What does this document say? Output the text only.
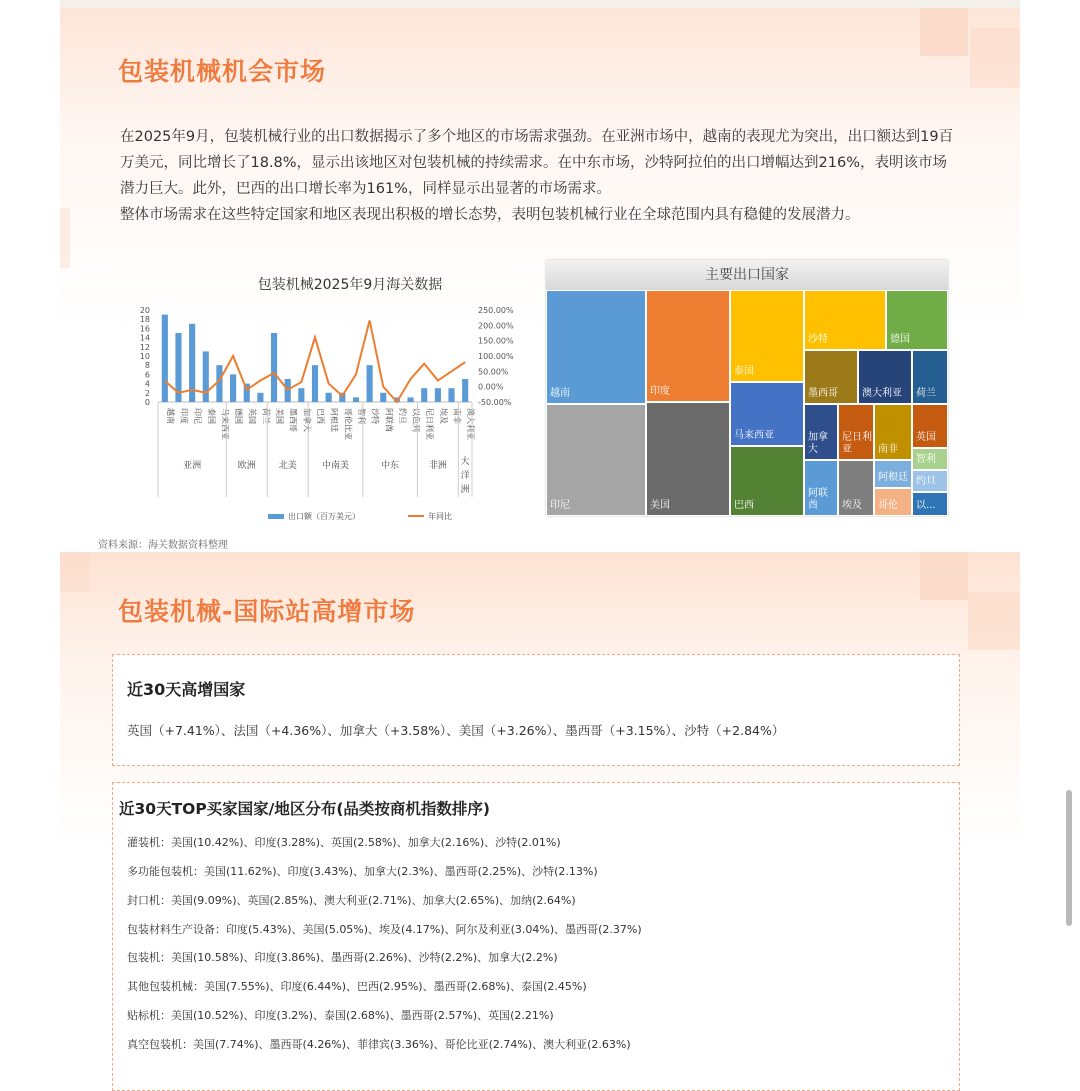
包装机械机会市场

在2025年9月，包装机械行业的出口数据揭示了多个地区的市场需求强劲。在亚洲市场中，越南的表现尤为突出，出口额达到19百万美元，同比增长了18.8%，显示出该地区对包装机械的持续需求。在中东市场，沙特阿拉伯的出口增幅达到216%，表明该市场潜力巨大。此外，巴西的出口增长率为161%，同样显示出显著的市场需求。

整体市场需求在这些特定国家和地区表现出积极的增长态势，表明包装机械行业在全球范围内具有稳健的发展潜力。

包装机械2025年9月海关数据
0
2
4
6
8
10
12
14
16
18
20
-50.00%
0.00%
50.00%
100.00%
150.00%
200.00%
250.00%
越南 印度 印尼 泰国 马来西亚 德国 英国 荷兰 美国 墨西哥 加拿大 巴西 阿根廷 哥伦比亚 智利 沙特 阿联酋 约旦 以色列 尼日利亚 埃及 南非 澳大利亚
亚洲	欧洲	北美	中南美	中东	非洲 大
洋
洲
出口额（百万美元）	年同比
主要出口国家
越南
印尼
印度
美国
泰国
马来西亚
巴西
沙特	德国
墨西哥 澳大利亚 荷兰
加拿大
尼日利亚	南非
英国
阿联酋	埃及
阿根廷
哥伦
智利
约旦
以...
资料来源：海关数据资料整理
包装机械-国际站高增市场
近30天高增国家
英国（+7.41%）、法国（+4.36%）、加拿大（+3.58%）、美国（+3.26%）、墨西哥（+3.15%）、沙特（+2.84%）
近30天TOP买家国家/地区分布(品类按商机指数排序)
灌装机：美国(10.42%)、印度(3.28%)、英国(2.58%)、加拿大(2.16%)、沙特(2.01%)
多功能包装机：美国(11.62%)、印度(3.43%)、加拿大(2.3%)、墨西哥(2.25%)、沙特(2.13%)
封口机：美国(9.09%)、英国(2.85%)、澳大利亚(2.71%)、加拿大(2.65%)、加纳(2.64%)
包装材料生产设备：印度(5.43%)、美国(5.05%)、埃及(4.17%)、阿尔及利亚(3.04%)、墨西哥(2.37%)
包装机：美国(10.58%)、印度(3.86%)、墨西哥(2.26%)、沙特(2.2%)、加拿大(2.2%)
其他包装机械：美国(7.55%)、印度(6.44%)、巴西(2.95%)、墨西哥(2.68%)、泰国(2.45%)
贴标机：美国(10.52%)、印度(3.2%)、泰国(2.68%)、墨西哥(2.57%)、英国(2.21%)
真空包装机：美国(7.74%)、墨西哥(4.26%)、菲律宾(3.36%)、哥伦比亚(2.74%)、澳大利亚(2.63%)
